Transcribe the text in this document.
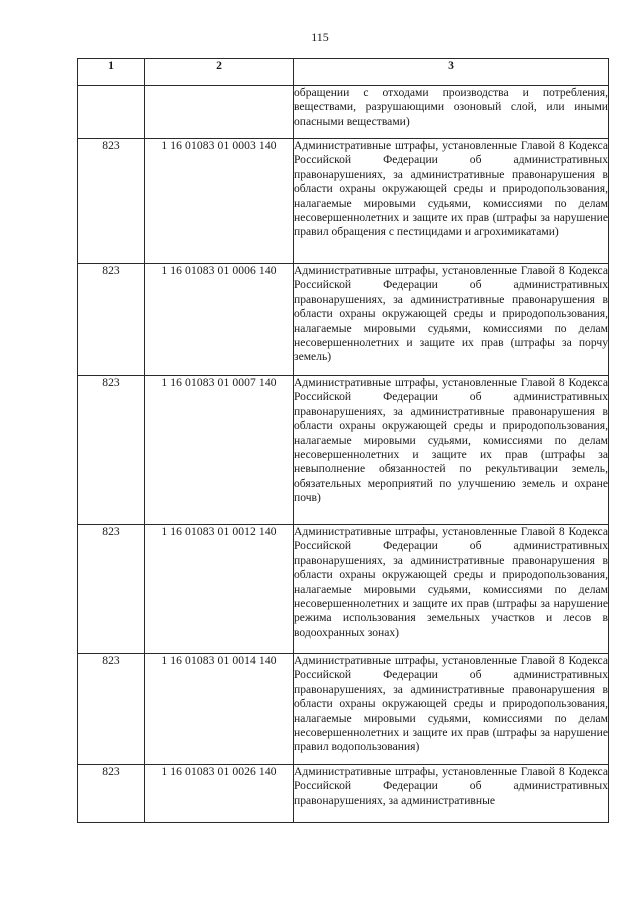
115
1	2	3
		обращении с отходами производства и потребления, веществами, разрушающими озоновый слой, или иными опасными веществами)
823	1 16 01083 01 0003 140	Административные штрафы, установленные Главой 8 Кодекса Российской Федерации об административных правонарушениях, за административные правонарушения в области охраны окружающей среды и природопользования, налагаемые мировыми судьями, комиссиями по делам несовершеннолетних и защите их прав (штрафы за нарушение правил обращения с пестицидами и агрохимикатами)
823	1 16 01083 01 0006 140	Административные штрафы, установленные Главой 8 Кодекса Российской Федерации об административных правонарушениях, за административные правонарушения в области охраны окружающей среды и природопользования, налагаемые мировыми судьями, комиссиями по делам несовершеннолетних и защите их прав (штрафы за порчу земель)
823	1 16 01083 01 0007 140	Административные штрафы, установленные Главой 8 Кодекса Российской Федерации об административных правонарушениях, за административные правонарушения в области охраны окружающей среды и природопользования, налагаемые мировыми судьями, комиссиями по делам несовершеннолетних и защите их прав (штрафы за невыполнение обязанностей по рекультивации земель, обязательных мероприятий по улучшению земель и охране почв)
823	1 16 01083 01 0012 140	Административные штрафы, установленные Главой 8 Кодекса Российской Федерации об административных правонарушениях, за административные правонарушения в области охраны окружающей среды и природопользования, налагаемые мировыми судьями, комиссиями по делам несовершеннолетних и защите их прав (штрафы за нарушение режима использования земельных участков и лесов в водоохранных зонах)
823	1 16 01083 01 0014 140	Административные штрафы, установленные Главой 8 Кодекса Российской Федерации об административных правонарушениях, за административные правонарушения в области охраны окружающей среды и природопользования, налагаемые мировыми судьями, комиссиями по делам несовершеннолетних и защите их прав (штрафы за нарушение правил водопользования)
823	1 16 01083 01 0026 140	Административные штрафы, установленные Главой 8 Кодекса Российской Федерации об административных правонарушениях, за административные
